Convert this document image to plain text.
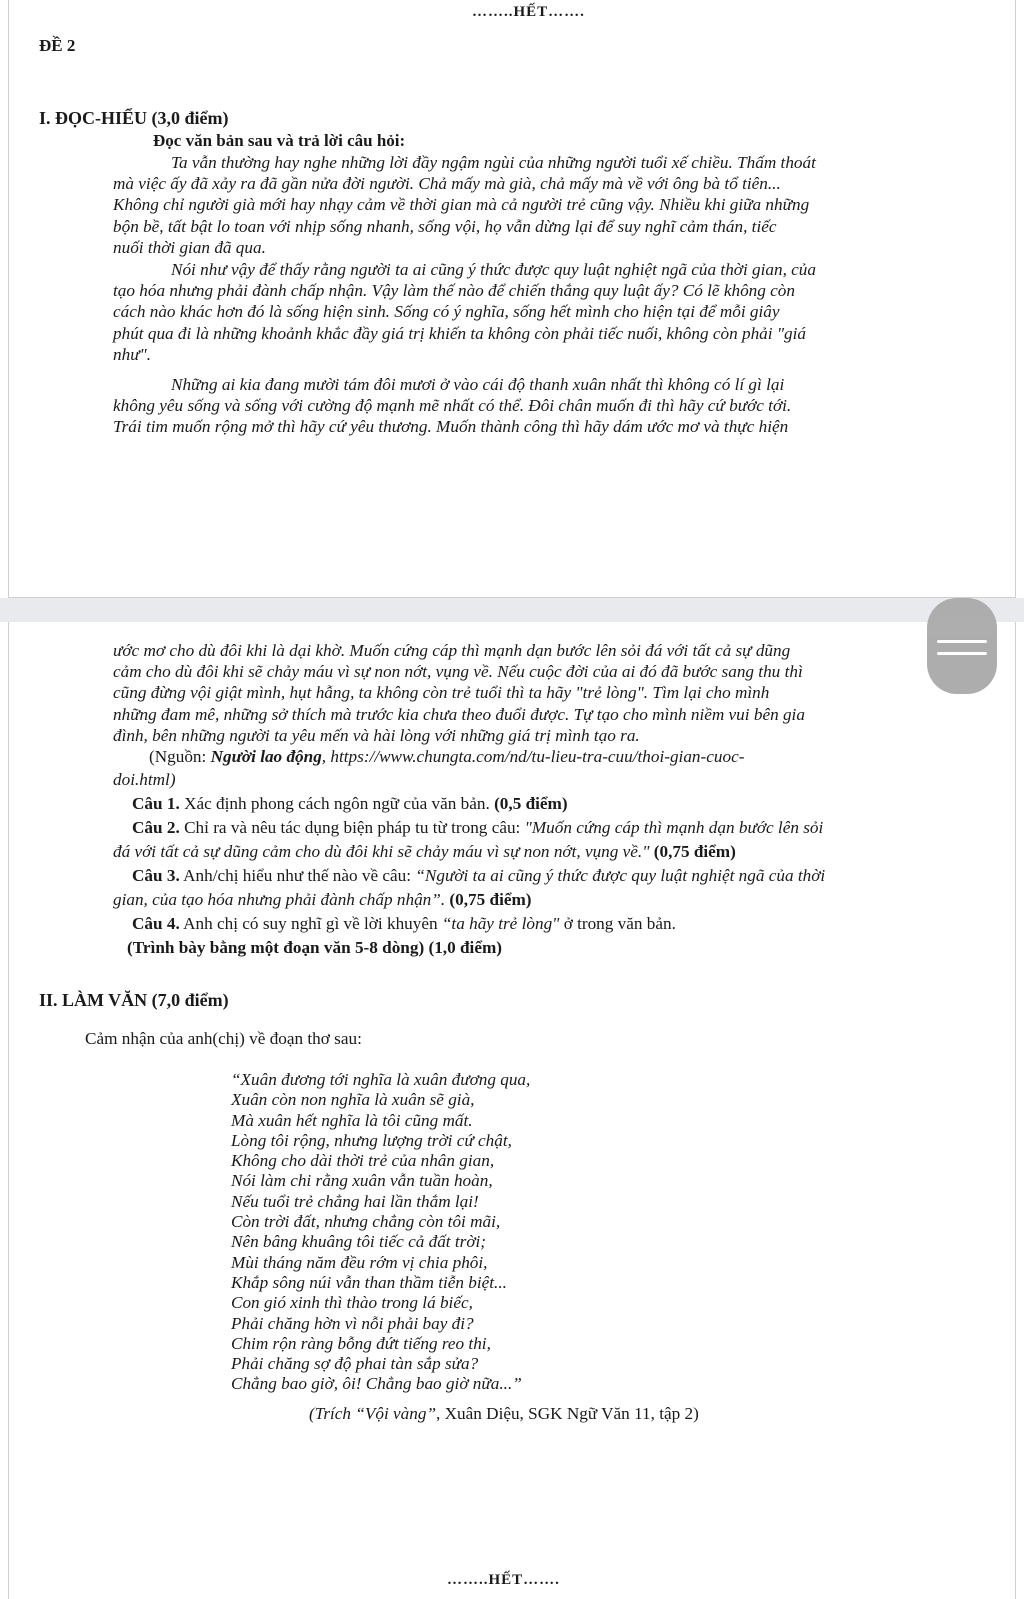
……..HẾT…….
ĐỀ 2
I. ĐỌC-HIỂU (3,0 điểm)
Đọc văn bản sau và trả lời câu hỏi:
Ta vẫn thường hay nghe những lời đầy ngậm ngùi của những người tuổi xế chiều. Thấm thoát
mà việc ấy đã xảy ra đã gần nửa đời người. Chả mấy mà già, chả mấy mà về với ông bà tổ tiên...
Không chỉ người già mới hay nhạy cảm về thời gian mà cả người trẻ cũng vậy. Nhiều khi giữa những
bộn bề, tất bật lo toan với nhịp sống nhanh, sống vội, họ vẫn dừng lại để suy nghĩ cảm thán, tiếc
nuối thời gian đã qua.
Nói như vậy để thấy rằng người ta ai cũng ý thức được quy luật nghiệt ngã của thời gian, của
tạo hóa nhưng phải đành chấp nhận. Vậy làm thế nào để chiến thắng quy luật ấy? Có lẽ không còn
cách nào khác hơn đó là sống hiện sinh. Sống có ý nghĩa, sống hết mình cho hiện tại để mỗi giây
phút qua đi là những khoảnh khắc đầy giá trị khiến ta không còn phải tiếc nuối, không còn phải "giá
như".
Những ai kia đang mười tám đôi mươi ở vào cái độ thanh xuân nhất thì không có lí gì lại
không yêu sống và sống với cường độ mạnh mẽ nhất có thể. Đôi chân muốn đi thì hãy cứ bước tới.
Trái tim muốn rộng mở thì hãy cứ yêu thương. Muốn thành công thì hãy dám ước mơ và thực hiện
ước mơ cho dù đôi khi là dại khờ. Muốn cứng cáp thì mạnh dạn bước lên sỏi đá với tất cả sự dũng
cảm cho dù đôi khi sẽ chảy máu vì sự non nớt, vụng về. Nếu cuộc đời của ai đó đã bước sang thu thì
cũng đừng vội giật mình, hụt hẫng, ta không còn trẻ tuổi thì ta hãy "trẻ lòng". Tìm lại cho mình
những đam mê, những sở thích mà trước kia chưa theo đuổi được. Tự tạo cho mình niềm vui bên gia
đình, bên những người ta yêu mến và hài lòng với những giá trị mình tạo ra.
(Nguồn: Người lao động, https://www.chungta.com/nd/tu-lieu-tra-cuu/thoi-gian-cuoc-
doi.html)
Câu 1. Xác định phong cách ngôn ngữ của văn bản. (0,5 điểm)
Câu 2. Chỉ ra và nêu tác dụng biện pháp tu từ trong câu: "Muốn cứng cáp thì mạnh dạn bước lên sỏi
đá với tất cả sự dũng cảm cho dù đôi khi sẽ chảy máu vì sự non nớt, vụng về." (0,75 điểm)
Câu 3. Anh/chị hiểu như thế nào về câu: “Người ta ai cũng ý thức được quy luật nghiệt ngã của thời
gian, của tạo hóa nhưng phải đành chấp nhận”. (0,75 điểm)
Câu 4. Anh chị có suy nghĩ gì về lời khuyên “ta hãy trẻ lòng" ở trong văn bản.
(Trình bày bằng một đoạn văn 5-8 dòng) (1,0 điểm)
II. LÀM VĂN (7,0 điểm)
Cảm nhận của anh(chị) về đoạn thơ sau:
“Xuân đương tới nghĩa là xuân đương qua,
Xuân còn non nghĩa là xuân sẽ già,
Mà xuân hết nghĩa là tôi cũng mất.
Lòng tôi rộng, nhưng lượng trời cứ chật,
Không cho dài thời trẻ của nhân gian,
Nói làm chi rằng xuân vẫn tuần hoàn,
Nếu tuổi trẻ chẳng hai lần thắm lại!
Còn trời đất, nhưng chẳng còn tôi mãi,
Nên bâng khuâng tôi tiếc cả đất trời;
Mùi tháng năm đều rớm vị chia phôi,
Khắp sông núi vẫn than thầm tiễn biệt...
Con gió xinh thì thào trong lá biếc,
Phải chăng hờn vì nỗi phải bay đi?
Chim rộn ràng bỗng đứt tiếng reo thi,
Phải chăng sợ độ phai tàn sắp sửa?
Chẳng bao giờ, ôi! Chẳng bao giờ nữa...”
(Trích “Vội vàng”, Xuân Diệu, SGK Ngữ Văn 11, tập 2)
……..HẾT…….
